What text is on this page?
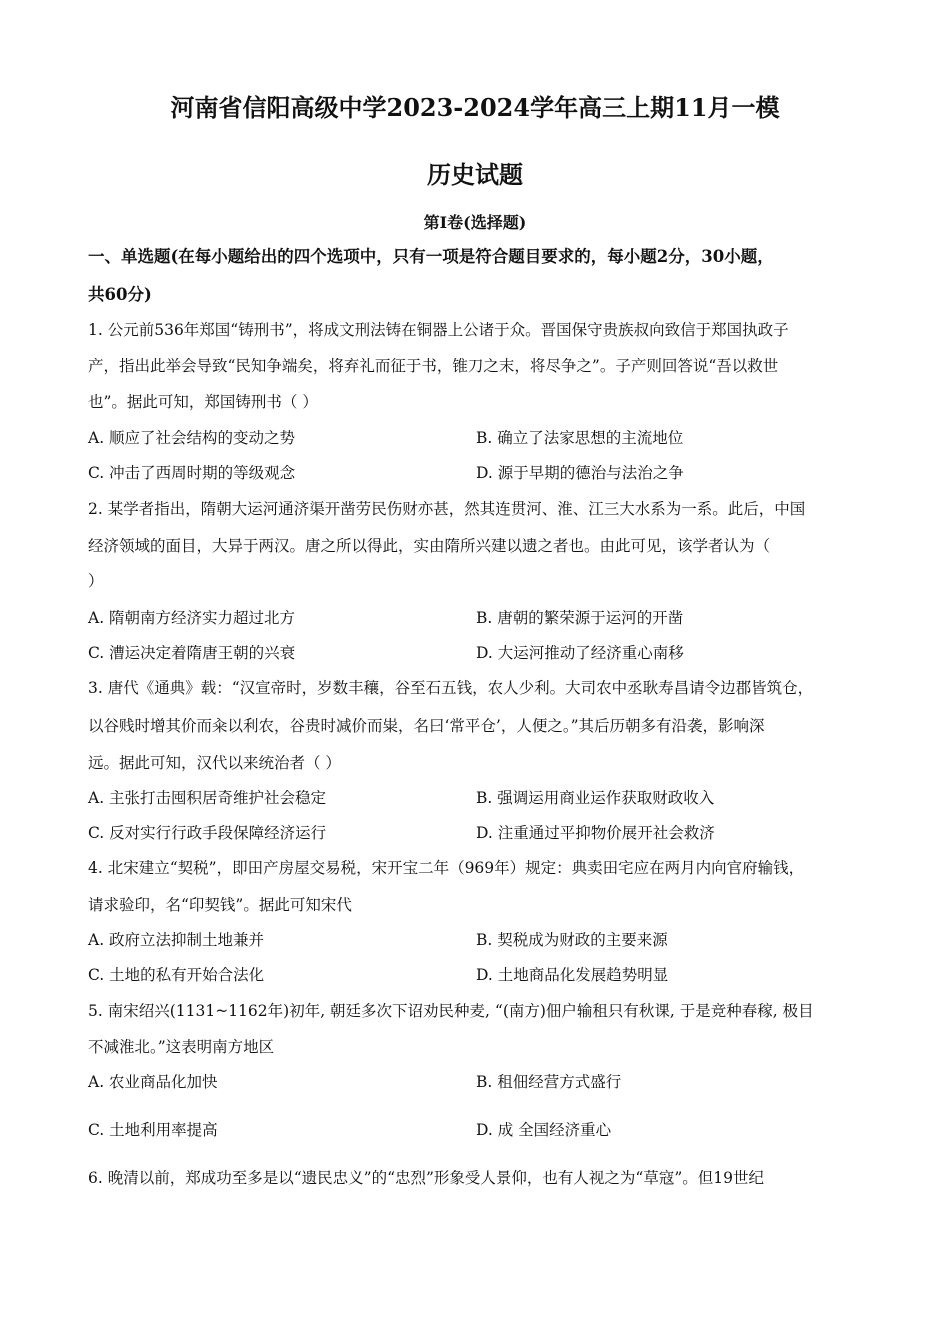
河南省信阳高级中学2023-2024学年高三上期11月一模
历史试题
第Ⅰ卷(选择题)
一、单选题(在每小题给出的四个选项中，只有一项是符合题目要求的，每小题2分，30小题，
共60分)
1. 公元前536年郑国“铸刑书”，将成文刑法铸在铜器上公诸于众。晋国保守贵族叔向致信于郑国执政子
产，指出此举会导致“民知争端矣，将弃礼而征于书，锥刀之末，将尽争之”。子产则回答说“吾以救世
也”。据此可知，郑国铸刑书（ ）
A. 顺应了社会结构的变动之势	B. 确立了法家思想的主流地位
C. 冲击了西周时期的等级观念	D. 源于早期的德治与法治之争
2. 某学者指出，隋朝大运河通济渠开凿劳民伤财亦甚，然其连贯河、淮、江三大水系为一系。此后，中国
经济领域的面目，大异于两汉。唐之所以得此，实由隋所兴建以遗之者也。由此可见，该学者认为（
）
A. 隋朝南方经济实力超过北方	B. 唐朝的繁荣源于运河的开凿
C. 漕运决定着隋唐王朝的兴衰	D. 大运河推动了经济重心南移
3. 唐代《通典》载：“汉宣帝时，岁数丰穰，谷至石五钱，农人少利。大司农中丞耿寿昌请令边郡皆筑仓，
以谷贱时增其价而籴以利农，谷贵时减价而粜，名曰‘常平仓’，人便之。”其后历朝多有沿袭，影响深
远。据此可知，汉代以来统治者（ ）
A. 主张打击囤积居奇维护社会稳定	B. 强调运用商业运作获取财政收入
C. 反对实行行政手段保障经济运行	D. 注重通过平抑物价展开社会救济
4. 北宋建立“契税”，即田产房屋交易税，宋开宝二年（969年）规定：典卖田宅应在两月内向官府输钱，
请求验印，名“印契钱”。据此可知宋代
A. 政府立法抑制土地兼并	B. 契税成为财政的主要来源
C. 土地的私有开始合法化	D. 土地商品化发展趋势明显
5. 南宋绍兴(1131~1162年)初年, 朝廷多次下诏劝民种麦, “(南方)佃户输租只有秋课, 于是竞种春稼, 极目
不减淮北。”这表明南方地区
A. 农业商品化加快	B. 租佃经营方式盛行
C. 土地利用率提高	D. 成 全国经济重心
6. 晚清以前，郑成功至多是以“遗民忠义”的“忠烈”形象受人景仰，也有人视之为“草寇”。但19世纪
